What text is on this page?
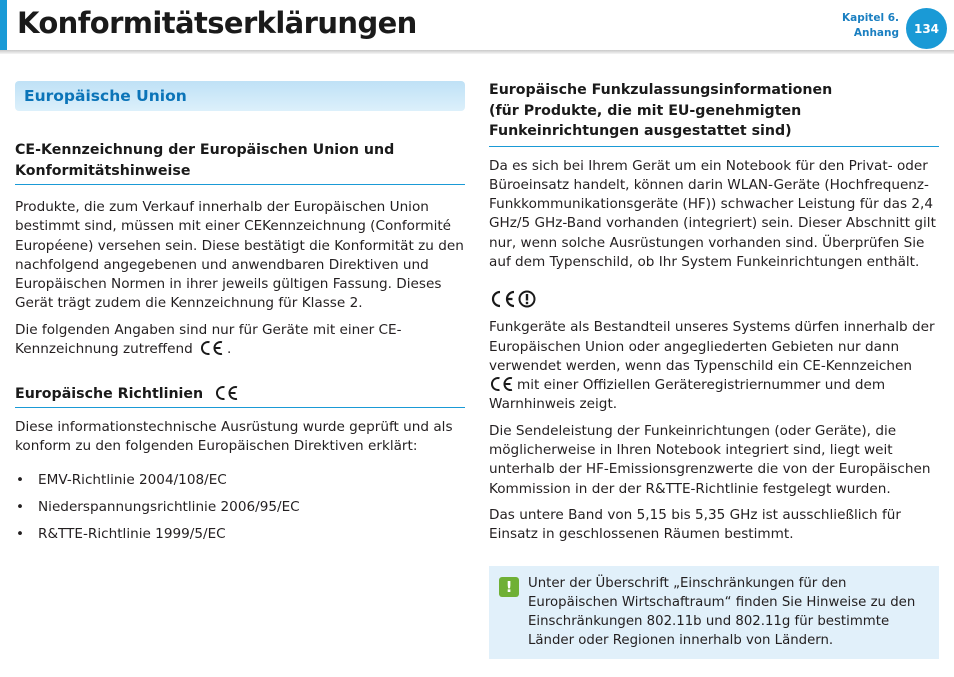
Konformitätserklärungen	Kapitel 6.
Anhang	134
Europäische Union
CE-Kennzeichnung der Europäischen Union und Konformitätshinweise

Produkte, die zum Verkauf innerhalb der Europäischen Union bestimmt sind, müssen mit einer CEKennzeichnung (Conformité Européene) versehen sein. Diese bestätigt die Konformität zu den nachfolgend angegebenen und anwendbaren Direktiven und Europäischen Normen in ihrer jeweils gültigen Fassung. Dieses Gerät trägt zudem die Kennzeichnung für Klasse 2.

Die folgenden Angaben sind nur für Geräte mit einer CE-Kennzeichnung zutreffend	.

Europäische Richtlinien

Diese informationstechnische Ausrüstung wurde geprüft und als konform zu den folgenden Europäischen Direktiven erklärt:

• EMV-Richtlinie 2004/108/EC
• Niederspannungsrichtlinie 2006/95/EC
• R&TTE-Richtlinie 1999/5/EC
Europäische Funkzulassungsinformationen
(für Produkte, die mit EU-genehmigten
Funkeinrichtungen ausgestattet sind)

Da es sich bei Ihrem Gerät um ein Notebook für den Privat- oder Büroeinsatz handelt, können darin WLAN-Geräte (Hochfrequenz-Funkkommunikationsgeräte (HF)) schwacher Leistung für das 2,4 GHz/5 GHz-Band vorhanden (integriert) sein. Dieser Abschnitt gilt nur, wenn solche Ausrüstungen vorhanden sind. Überprüfen Sie auf dem Typenschild, ob Ihr System Funkeinrichtungen enthält.

Funkgeräte als Bestandteil unseres Systems dürfen innerhalb der Europäischen Union oder angegliederten Gebieten nur dann verwendet werden, wenn das Typenschild ein CE-Kennzeichen mit einer Offiziellen Geräteregistriernummer und dem Warnhinweis zeigt.

Die Sendeleistung der Funkeinrichtungen (oder Geräte), die möglicherweise in Ihren Notebook integriert sind, liegt weit unterhalb der HF-Emissionsgrenzwerte die von der Europäischen Kommission in der der R&TTE-Richtlinie festgelegt wurden.

Das untere Band von 5,15 bis 5,35 GHz ist ausschließlich für Einsatz in geschlossenen Räumen bestimmt.

!	Unter der Überschrift „Einschränkungen für den Europäischen Wirtschaftraum“ finden Sie Hinweise zu den Einschränkungen 802.11b und 802.11g für bestimmte Länder oder Regionen innerhalb von Ländern.
